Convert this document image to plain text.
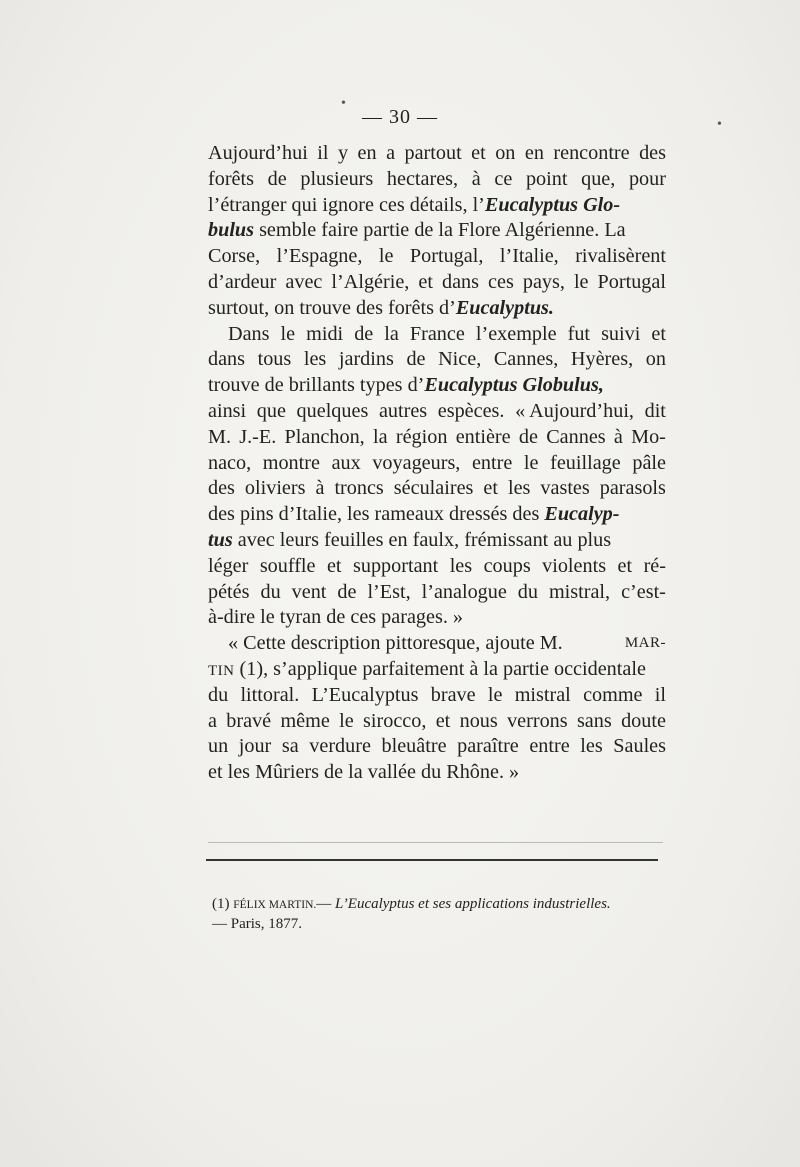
— 30 —
Aujourd’hui il y en a partout et on en rencontre des
forêts de plusieurs hectares, à ce point que, pour
l’étranger qui ignore ces détails, l’Eucalyptus Glo-
bulus semble faire partie de la Flore Algérienne. La
Corse, l’Espagne, le Portugal, l’Italie, rivalisèrent
d’ardeur avec l’Algérie, et dans ces pays, le Portugal
surtout, on trouve des forêts d’ Eucalyptus.
Dans le midi de la France l’exemple fut suivi et
dans tous les jardins de Nice, Cannes, Hyères, on
trouve de brillants types d’Eucalyptus Globulus,
ainsi que quelques autres espèces. « Aujourd’hui, dit
M. J.-E. Planchon, la région entière de Cannes à Mo-
naco, montre aux voyageurs, entre le feuillage pâle
des oliviers à troncs séculaires et les vastes parasols
des pins d’Italie, les rameaux dressés des Eucalyp-
tus avec leurs feuilles en faulx, frémissant au plus
léger souffle et supportant les coups violents et ré-
pétés du vent de l’Est, l’analogue du mistral, c’est-
à-dire le tyran de ces parages. »
« Cette description pittoresque, ajoute M.	MAR-
TIN (1), s’applique parfaitement à la partie occidentale
du littoral. L’Eucalyptus brave le mistral comme il
a bravé même le sirocco, et nous verrons sans doute
un jour sa verdure bleuâtre paraître entre les Saules
et les Mûriers de la vallée du Rhône. »
(1) FÉLIX MARTIN.— L’Eucalyptus et ses applications industrielles.
— Paris, 1877.
•
•
